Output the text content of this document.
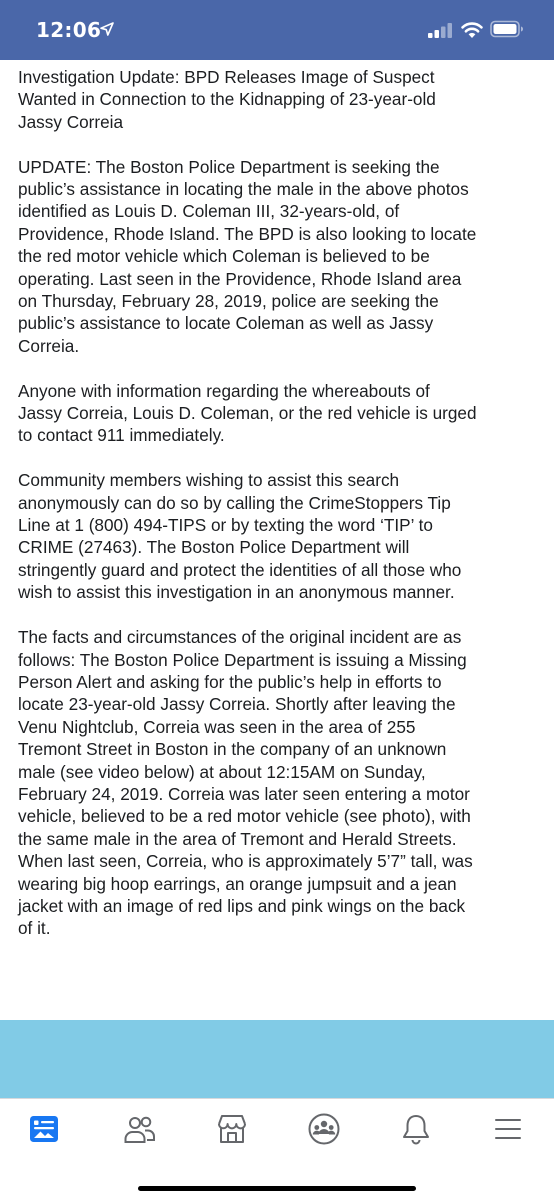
12:06

Investigation Update: BPD Releases Image of Suspect
Wanted in Connection to the Kidnapping of 23-year-old
Jassy Correia

UPDATE: The Boston Police Department is seeking the
public’s assistance in locating the male in the above photos
identified as Louis D. Coleman III, 32-years-old, of
Providence, Rhode Island. The BPD is also looking to locate
the red motor vehicle which Coleman is believed to be
operating. Last seen in the Providence, Rhode Island area
on Thursday, February 28, 2019, police are seeking the
public’s assistance to locate Coleman as well as Jassy
Correia.

Anyone with information regarding the whereabouts of
Jassy Correia, Louis D. Coleman, or the red vehicle is urged
to contact 911 immediately.

Community members wishing to assist this search
anonymously can do so by calling the CrimeStoppers Tip
Line at 1 (800) 494-TIPS or by texting the word ‘TIP’ to
CRIME (27463). The Boston Police Department will
stringently guard and protect the identities of all those who
wish to assist this investigation in an anonymous manner.

The facts and circumstances of the original incident are as
follows: The Boston Police Department is issuing a Missing
Person Alert and asking for the public’s help in efforts to
locate 23-year-old Jassy Correia. Shortly after leaving the
Venu Nightclub, Correia was seen in the area of 255
Tremont Street in Boston in the company of an unknown
male (see video below) at about 12:15AM on Sunday,
February 24, 2019. Correia was later seen entering a motor
vehicle, believed to be a red motor vehicle (see photo), with
the same male in the area of Tremont and Herald Streets.
When last seen, Correia, who is approximately 5’7” tall, was
wearing big hoop earrings, an orange jumpsuit and a jean
jacket with an image of red lips and pink wings on the back
of it.
